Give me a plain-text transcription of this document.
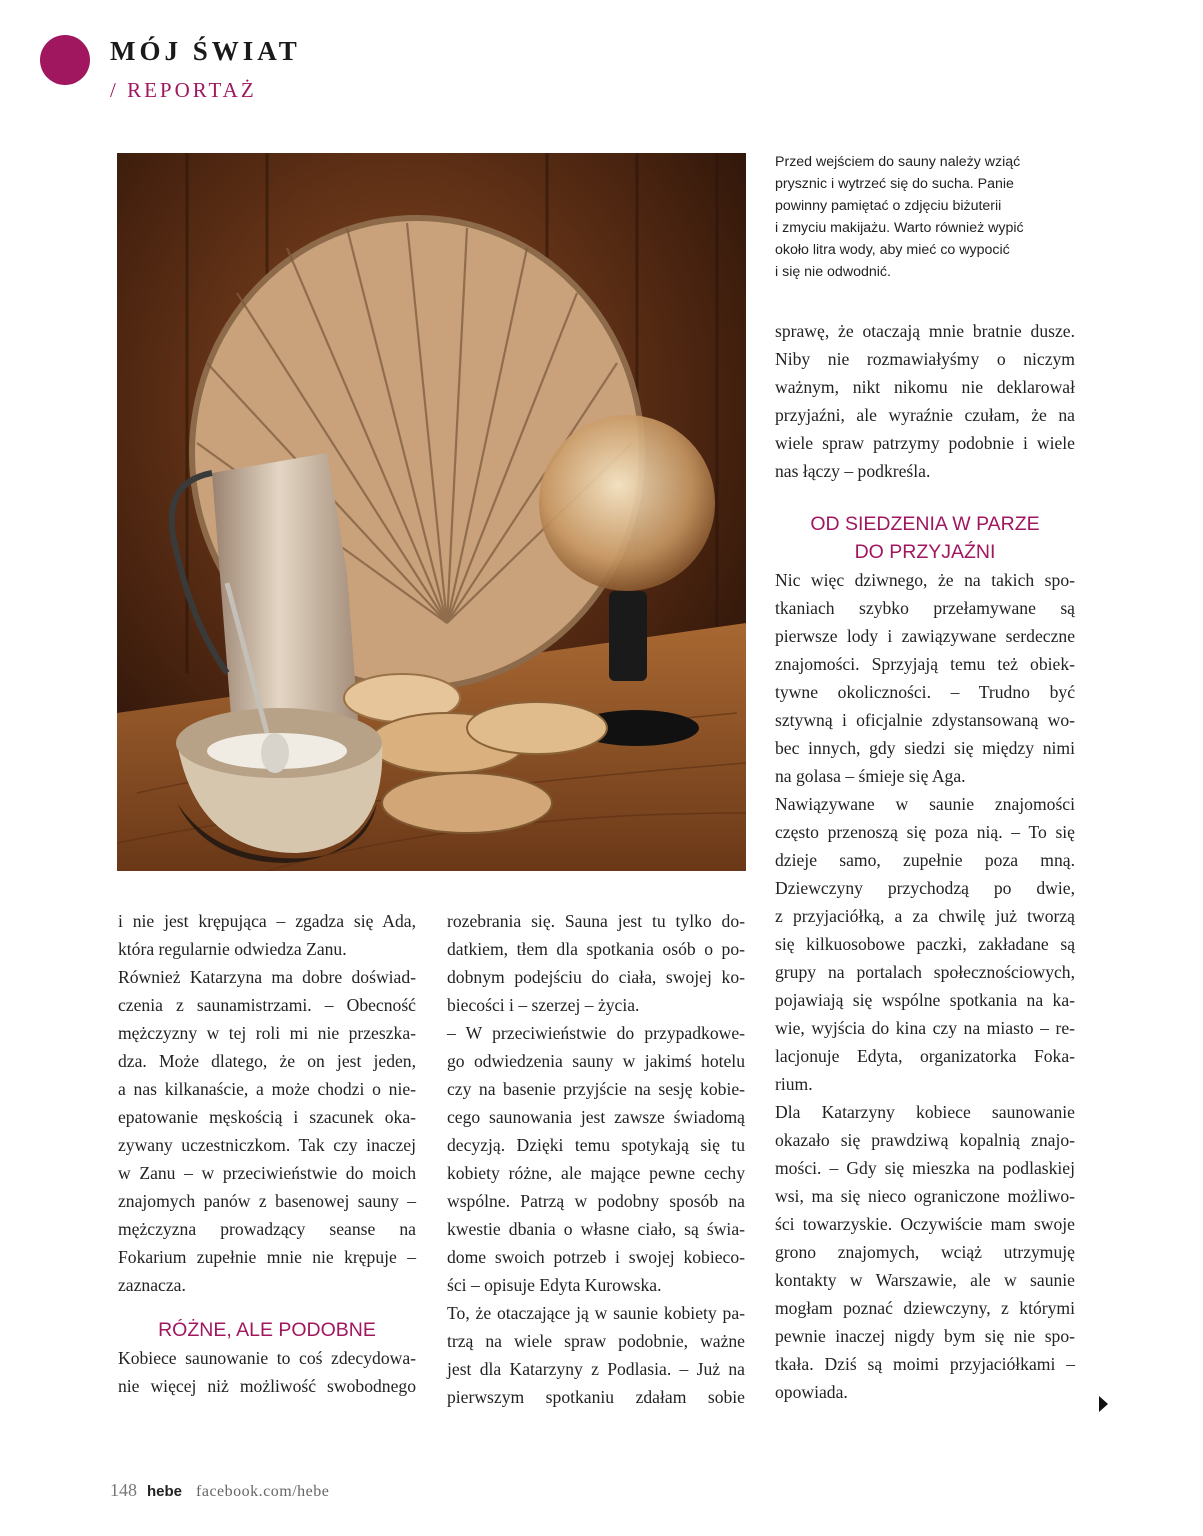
MÓJ ŚWIAT
/ REPORTAŻ
Przed wejściem do sauny należy wziąć
prysznic i wytrzeć się do sucha. Panie
powinny pamiętać o zdjęciu biżuterii
i zmyciu makijażu. Warto również wypić
około litra wody, aby mieć co wypocić
i się nie odwodnić.
i nie jest krępująca – zgadza się Ada,
która regularnie odwiedza Zanu.
Również Katarzyna ma dobre doświad-
czenia z saunamistrzami. – Obecność
mężczyzny w tej roli mi nie przeszka-
dza. Może dlatego, że on jest jeden,
a nas kilkanaście, a może chodzi o nie-
epatowanie męskością i szacunek oka-
zywany uczestniczkom. Tak czy inaczej
w Zanu – w przeciwieństwie do moich
znajomych panów z basenowej sauny –
mężczyzna prowadzący seanse na
Fokarium zupełnie mnie nie krępuje –
zaznacza.
RÓŻNE, ALE PODOBNE
Kobiece saunowanie to coś zdecydowa-
nie więcej niż możliwość swobodnego
rozebrania się. Sauna jest tu tylko do-
datkiem, tłem dla spotkania osób o po-
dobnym podejściu do ciała, swojej ko-
biecości i – szerzej – życia.
– W przeciwieństwie do przypadkowe-
go odwiedzenia sauny w jakimś hotelu
czy na basenie przyjście na sesję kobie-
cego saunowania jest zawsze świadomą
decyzją. Dzięki temu spotykają się tu
kobiety różne, ale mające pewne cechy
wspólne. Patrzą w podobny sposób na
kwestie dbania o własne ciało, są świa-
dome swoich potrzeb i swojej kobieco-
ści – opisuje Edyta Kurowska.
To, że otaczające ją w saunie kobiety pa-
trzą na wiele spraw podobnie, ważne
jest dla Katarzyny z Podlasia. – Już na
pierwszym spotkaniu zdałam sobie
sprawę, że otaczają mnie bratnie dusze.
Niby nie rozmawiałyśmy o niczym
ważnym, nikt nikomu nie deklarował
przyjaźni, ale wyraźnie czułam, że na
wiele spraw patrzymy podobnie i wiele
nas łączy – podkreśla.
OD SIEDZENIA W PARZE
DO PRZYJAŹNI
Nic więc dziwnego, że na takich spo-
tkaniach szybko przełamywane są
pierwsze lody i zawiązywane serdeczne
znajomości. Sprzyjają temu też obiek-
tywne okoliczności. – Trudno być
sztywną i oficjalnie zdystansowaną wo-
bec innych, gdy siedzi się między nimi
na golasa – śmieje się Aga.
Nawiązywane w saunie znajomości
często przenoszą się poza nią. – To się
dzieje samo, zupełnie poza mną.
Dziewczyny przychodzą po dwie,
z przyjaciółką, a za chwilę już tworzą
się kilkuosobowe paczki, zakładane są
grupy na portalach społecznościowych,
pojawiają się wspólne spotkania na ka-
wie, wyjścia do kina czy na miasto – re-
lacjonuje Edyta, organizatorka Foka-
rium.
Dla Katarzyny kobiece saunowanie
okazało się prawdziwą kopalnią znajo-
mości. – Gdy się mieszka na podlaskiej
wsi, ma się nieco ograniczone możliwo-
ści towarzyskie. Oczywiście mam swoje
grono znajomych, wciąż utrzymuję
kontakty w Warszawie, ale w saunie
mogłam poznać dziewczyny, z którymi
pewnie inaczej nigdy bym się nie spo-
tkała. Dziś są moimi przyjaciółkami –
opowiada.
148 hebe facebook.com/hebe
